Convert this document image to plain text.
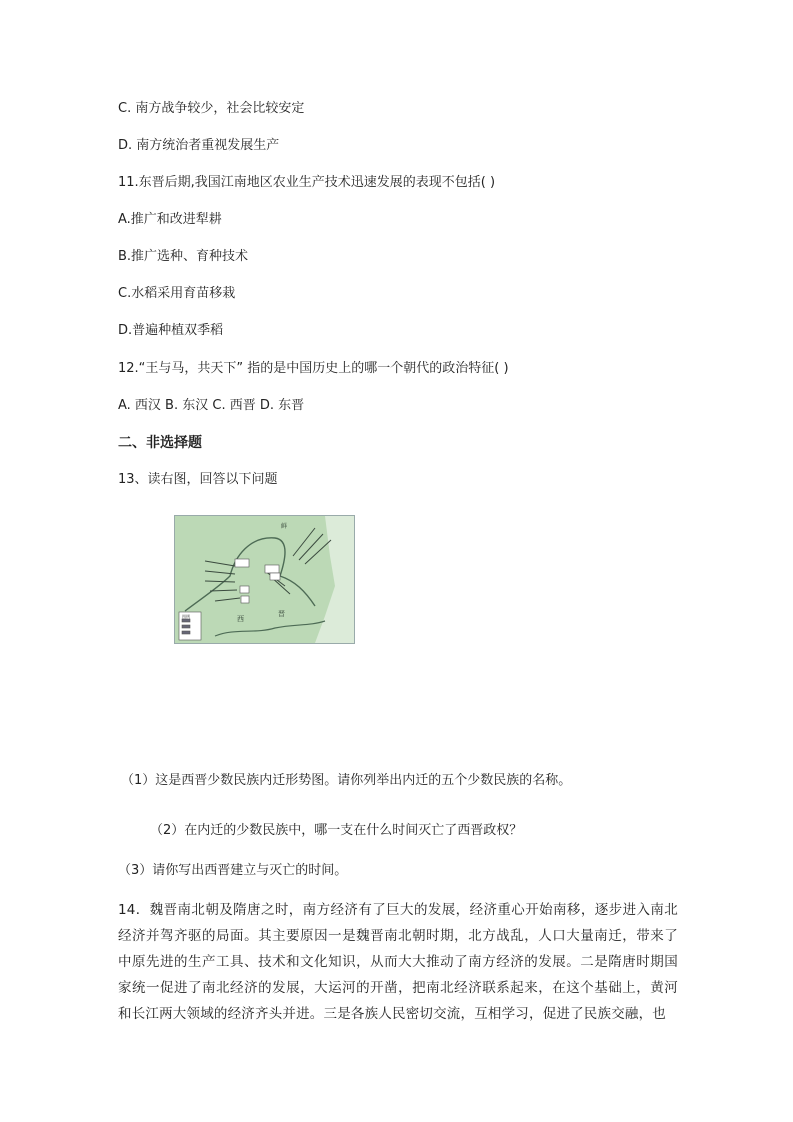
C. 南方战争较少，社会比较安定
D. 南方统治者重视发展生产
11.东晋后期,我国江南地区农业生产技术迅速发展的表现不包括( )
A.推广和改进犁耕
B.推广选种、育种技术
C.水稻采用育苗移栽
D.普遍种植双季稻
12.“王与马，共天下” 指的是中国历史上的哪一个朝代的政治特征( )
A. 西汉 B. 东汉 C. 西晋 D. 东晋
二、非选择题
13、读右图，回答以下问题
图例
鲜
西
晋
（1）这是西晋少数民族内迁形势图。请你列举出内迁的五个少数民族的名称。
（2）在内迁的少数民族中，哪一支在什么时间灭亡了西晋政权？
（3）请你写出西晋建立与灭亡的时间。
14．魏晋南北朝及隋唐之时，南方经济有了巨大的发展，经济重心开始南移，逐步进入南北经济并驾齐驱的局面。其主要原因一是魏晋南北朝时期，北方战乱，人口大量南迁，带来了中原先进的生产工具、技术和文化知识，从而大大推动了南方经济的发展。二是隋唐时期国家统一促进了南北经济的发展，大运河的开凿，把南北经济联系起来，在这个基础上，黄河和长江两大领域的经济齐头并进。三是各族人民密切交流，互相学习，促进了民族交融，也
